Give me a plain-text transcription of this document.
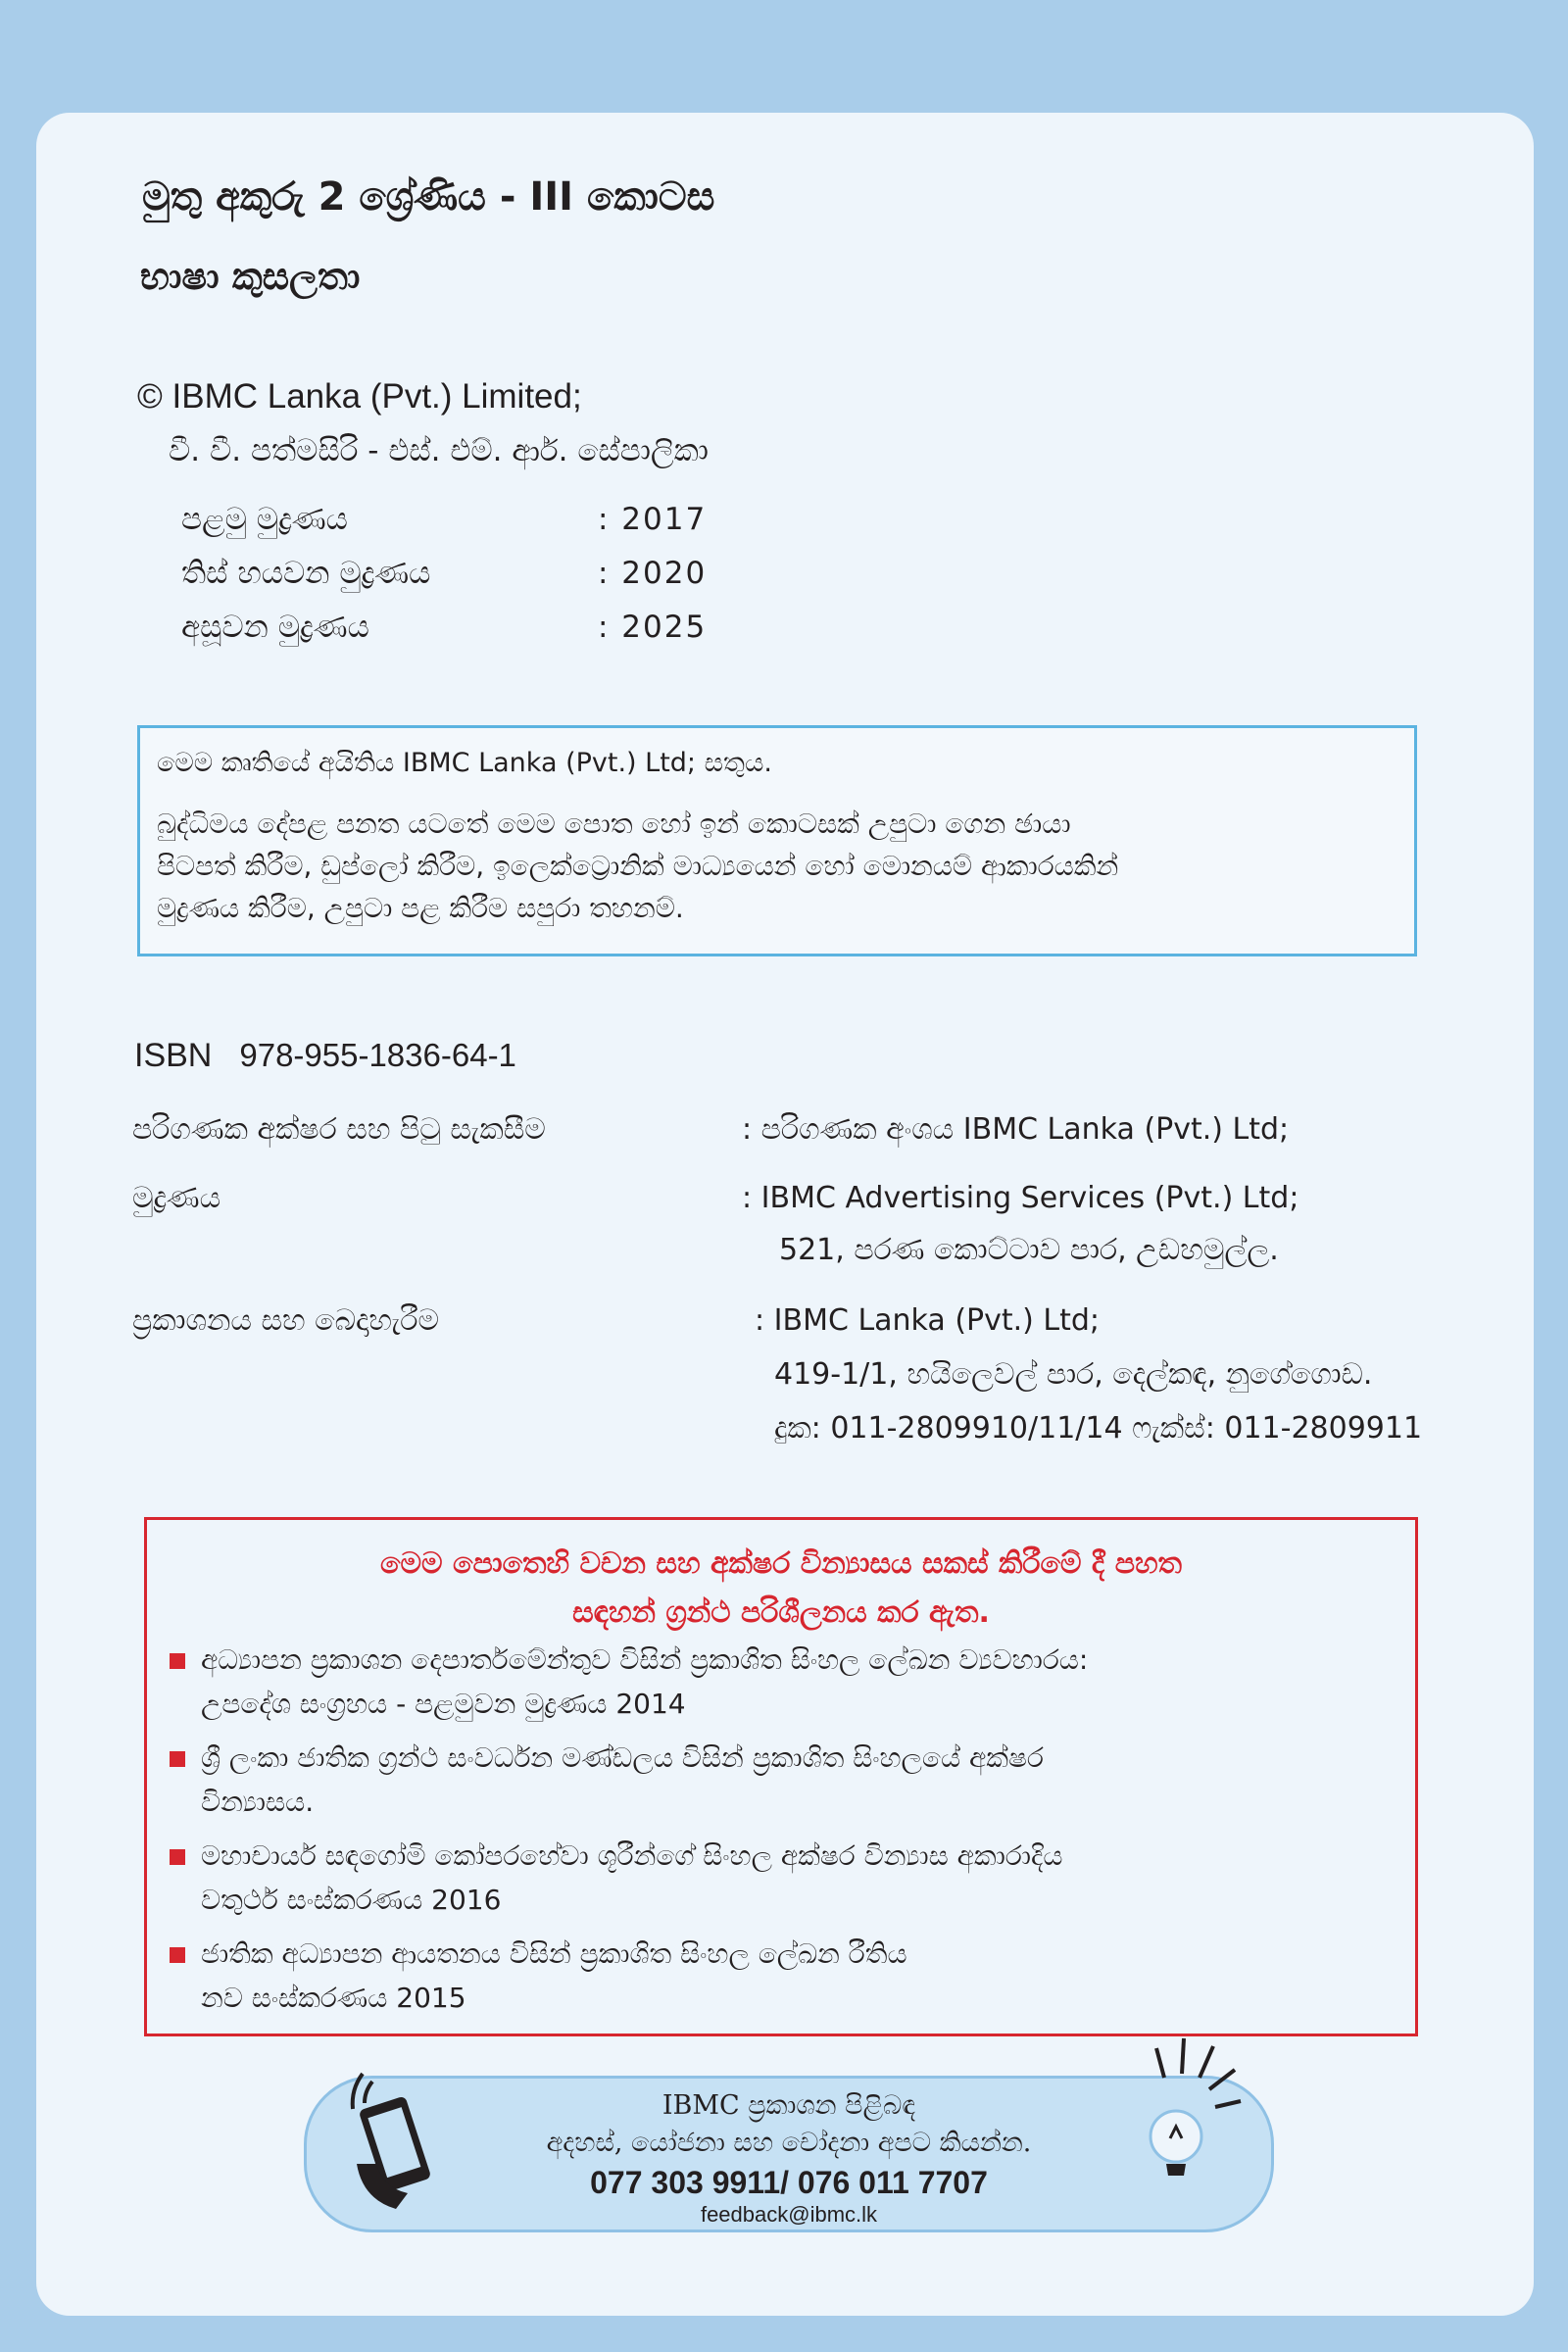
මුතු අකුරු 2 ශ්‍රේණිය - III කොටස
භාෂා කුසලතා
© IBMC Lanka (Pvt.) Limited;
වී. වී. පත්මසිරි - එස්. එම්. ආර්. සේපාලිකා
පළමු මුද්‍රණය	: 2017
තිස් හයවන මුද්‍රණය	: 2020
අසූවන මුද්‍රණය	: 2025
මෙම කෘතියේ අයිතිය IBMC Lanka (Pvt.) Ltd; සතුය.
බුද්ධිමය දේපළ පනත යටතේ මෙම පොත හෝ ඉන් කොටසක් උපුටා ගෙන ඡායා
පිටපත් කිරීම, ඩුප්ලෝ කිරීම, ඉලෙක්ට්‍රොනික් මාධ්‍යයෙන් හෝ මොනයම් ආකාරයකින්
මුද්‍රණය කිරීම, උපුටා පළ කිරීම සපුරා තහනම්.
ISBN 978-955-1836-64-1
පරිගණක අක්ෂර සහ පිටු සැකසීම	: පරිගණක අංශය IBMC Lanka (Pvt.) Ltd;
මුද්‍රණය	: IBMC Advertising Services (Pvt.) Ltd;
521, පරණ කොට්ටාව පාර, උඩහමුල්ල.
ප්‍රකාශනය සහ බෙදාහැරීම	: IBMC Lanka (Pvt.) Ltd;
419-1/1, හයිලෙවල් පාර, දෙල්කඳ, නුගේගොඩ.
දුක: 011-2809910/11/14 ෆැක්ස්: 011-2809911
මෙම පොතෙහි වචන සහ අක්ෂර වින්‍යාසය සකස් කිරීමේ දී පහත
සඳහන් ග්‍රන්ථ පරිශීලනය කර ඇත.
අධ්‍යාපන ප්‍රකාශන දෙපාර්තමේන්තුව විසින් ප්‍රකාශිත සිංහල ලේඛන ව්‍යවහාරය:
උපදේශ සංග්‍රහය - පළමුවන මුද්‍රණය 2014
ශ්‍රී ලංකා ජාතික ග්‍රන්ථ සංවර්ධන මණ්ඩලය විසින් ප්‍රකාශිත සිංහලයේ අක්ෂර
වින්‍යාසය.
මහාචාර්ය සඳගෝමි කෝපරහේවා ශූරීන්ගේ සිංහල අක්ෂර වින්‍යාස අකාරාදිය
වතුර්ථ සංස්කරණය 2016
ජාතික අධ්‍යාපන ආයතනය විසින් ප්‍රකාශිත සිංහල ලේඛන රීතිය
නව සංස්කරණය 2015
IBMC ප්‍රකාශන පිළිබඳ
අදහස්, යෝජනා සහ චෝදනා අපට කියන්න.
077 303 9911/ 076 011 7707
feedback@ibmc.lk
